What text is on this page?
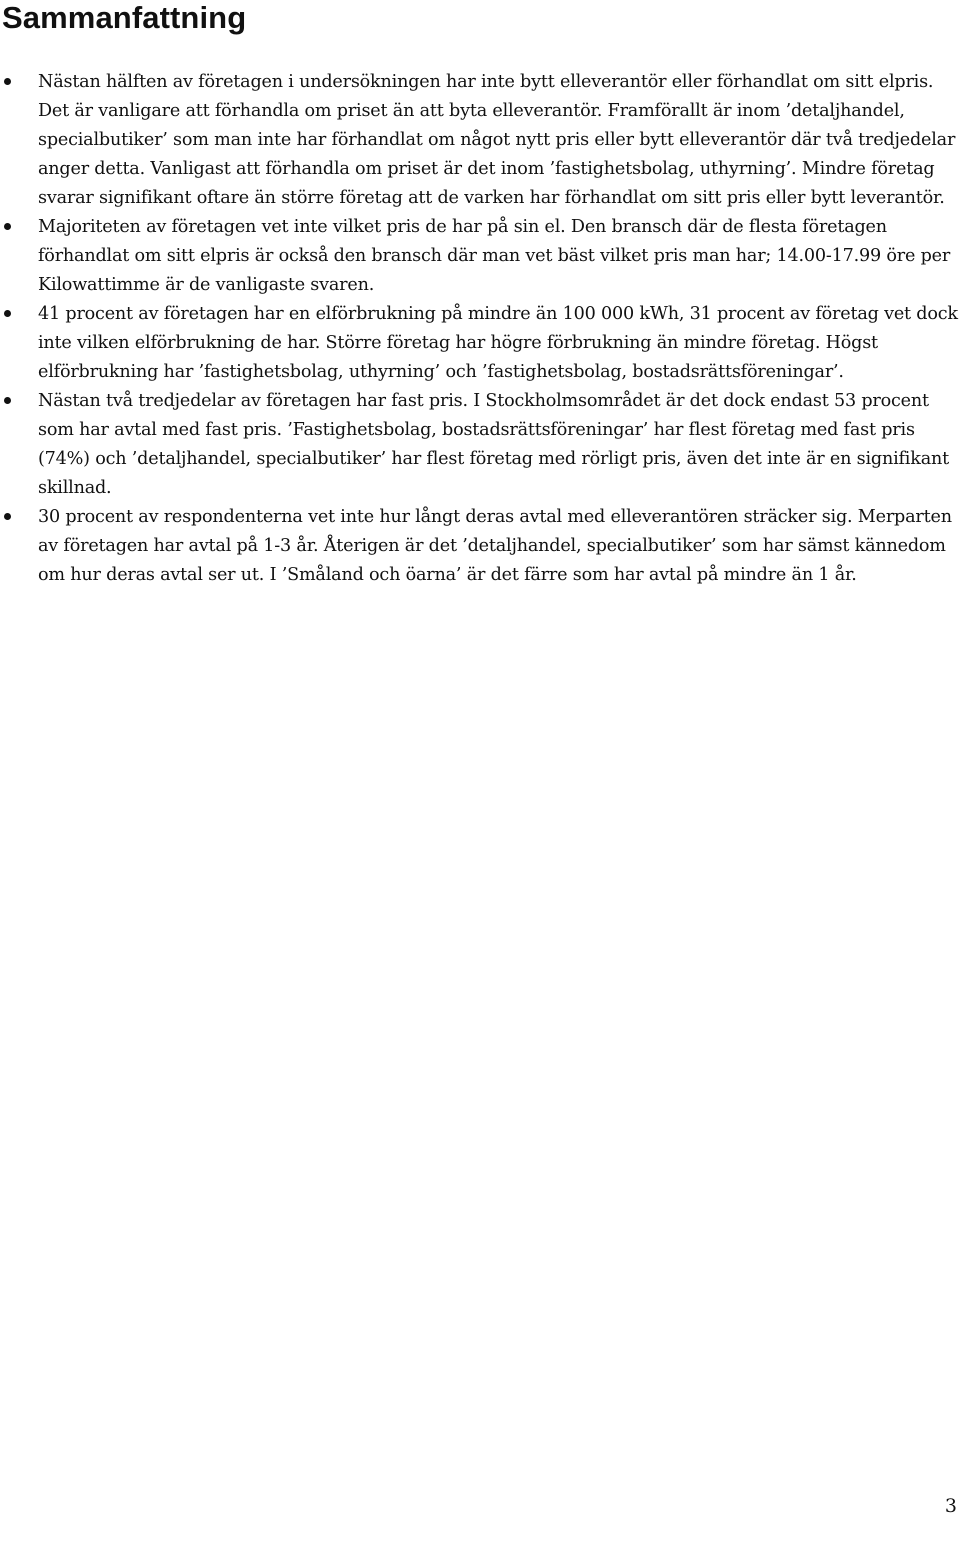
Sammanfattning
Nästan hälften av företagen i undersökningen har inte bytt elleverantör eller förhandlat om sitt elpris. Det är vanligare att förhandla om priset än att byta elleverantör. Framförallt är inom ’detaljhandel, specialbutiker’ som man inte har förhandlat om något nytt pris eller bytt elleverantör där två tredjedelar anger detta. Vanligast att förhandla om priset är det inom ’fastighetsbolag, uthyrning’. Mindre företag svarar signifikant oftare än större företag att de varken har förhandlat om sitt pris eller bytt leverantör.
Majoriteten av företagen vet inte vilket pris de har på sin el. Den bransch där de flesta företagen förhandlat om sitt elpris är också den bransch där man vet bäst vilket pris man har; 14.00-17.99 öre per Kilowattimme är de vanligaste svaren.
41 procent av företagen har en elförbrukning på mindre än 100 000 kWh, 31 procent av företag vet dock inte vilken elförbrukning de har. Större företag har högre förbrukning än mindre företag. Högst elförbrukning har ’fastighetsbolag, uthyrning’ och ’fastighetsbolag, bostadsrättsföreningar’.
Nästan två tredjedelar av företagen har fast pris. I Stockholmsområdet är det dock endast 53 procent som har avtal med fast pris. ’Fastighetsbolag, bostadsrättsföreningar’ har flest företag med fast pris (74%) och ’detaljhandel, specialbutiker’ har flest företag med rörligt pris, även det inte är en signifikant skillnad.
30 procent av respondenterna vet inte hur långt deras avtal med elleverantören sträcker sig. Merparten av företagen har avtal på 1-3 år. Återigen är det ’detaljhandel, specialbutiker’ som har sämst kännedom om hur deras avtal ser ut. I ’Småland och öarna’ är det färre som har avtal på mindre än 1 år.
3
